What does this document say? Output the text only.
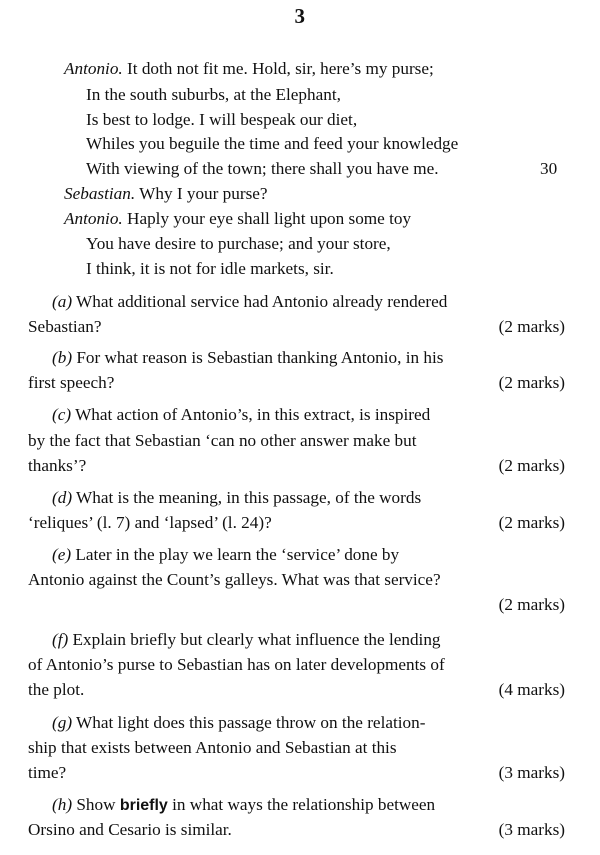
3
Antonio. It doth not fit me. Hold, sir, here’s my purse;
In the south suburbs, at the Elephant,
Is best to lodge. I will bespeak our diet,
Whiles you beguile the time and feed your knowledge
With viewing of the town; there shall you have me.	30
Sebastian. Why I your purse?
Antonio. Haply your eye shall light upon some toy
You have desire to purchase; and your store,
I think, it is not for idle markets, sir.
(a) What additional service had Antonio already rendered
Sebastian?	(2 marks)
(b) For what reason is Sebastian thanking Antonio, in his
first speech?	(2 marks)
(c) What action of Antonio’s, in this extract, is inspired
by the fact that Sebastian ‘can no other answer make but
thanks’?	(2 marks)
(d) What is the meaning, in this passage, of the words
‘reliques’ (l. 7) and ‘lapsed’ (l. 24)?	(2 marks)
(e) Later in the play we learn the ‘service’ done by
Antonio against the Count’s galleys. What was that service?
(2 marks)
(f) Explain briefly but clearly what influence the lending
of Antonio’s purse to Sebastian has on later developments of
the plot.	(4 marks)
(g) What light does this passage throw on the relation-
ship that exists between Antonio and Sebastian at this
time?	(3 marks)
(h) Show briefly in what ways the relationship between
Orsino and Cesario is similar.	(3 marks)
